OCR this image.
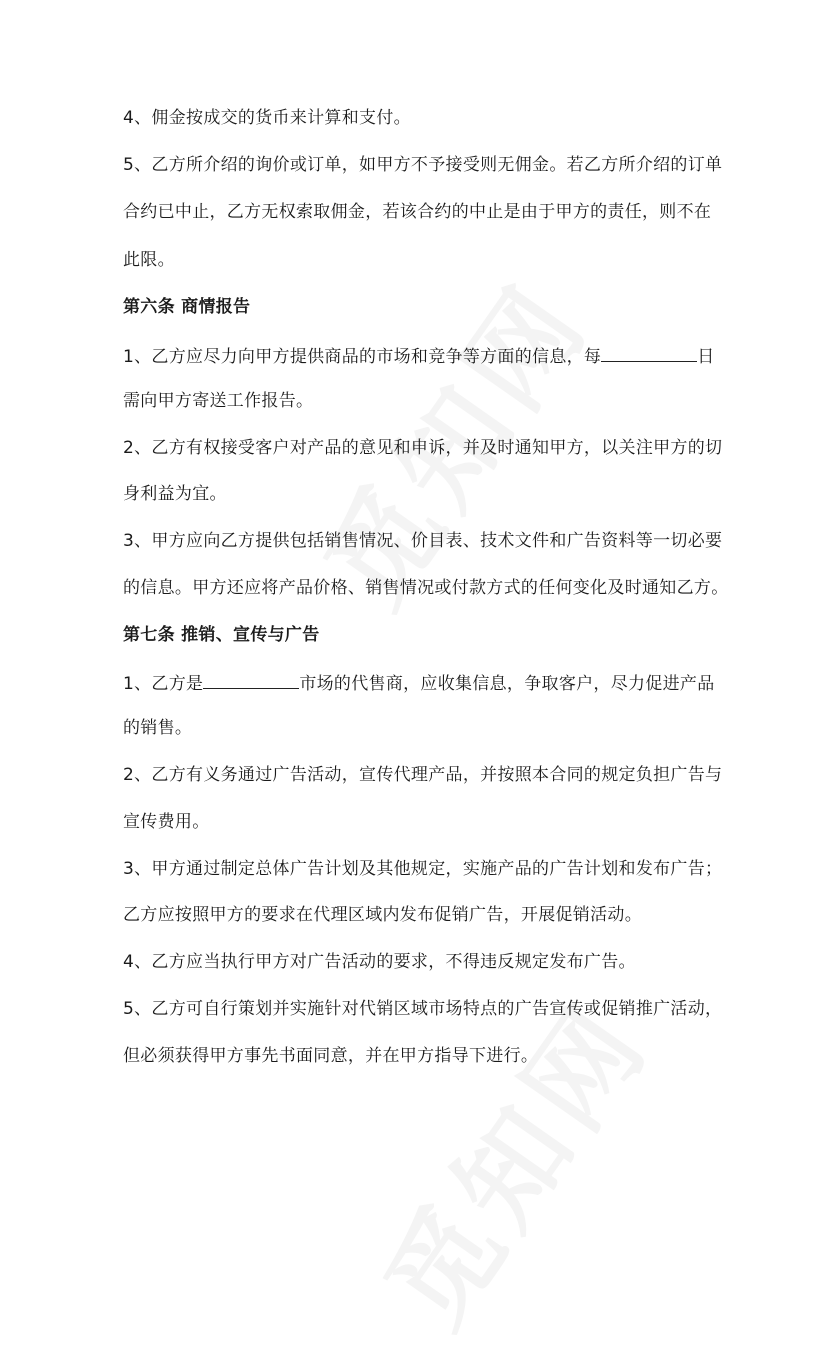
4、佣金按成交的货币来计算和支付。
5、乙方所介绍的询价或订单，如甲方不予接受则无佣金。若乙方所介绍的订单
合约已中止，乙方无权索取佣金，若该合约的中止是由于甲方的责任，则不在
此限。
第六条 商情报告
1、乙方应尽力向甲方提供商品的市场和竞争等方面的信息，每	日
需向甲方寄送工作报告。
2、乙方有权接受客户对产品的意见和申诉，并及时通知甲方，以关注甲方的切
身利益为宜。
3、甲方应向乙方提供包括销售情况、价目表、技术文件和广告资料等一切必要
的信息。甲方还应将产品价格、销售情况或付款方式的任何变化及时通知乙方。
第七条 推销、宣传与广告
1、乙方是	市场的代售商，应收集信息，争取客户，尽力促进产品
的销售。
2、乙方有义务通过广告活动，宣传代理产品，并按照本合同的规定负担广告与
宣传费用。
3、甲方通过制定总体广告计划及其他规定，实施产品的广告计划和发布广告；
乙方应按照甲方的要求在代理区域内发布促销广告，开展促销活动。
4、乙方应当执行甲方对广告活动的要求，不得违反规定发布广告。
5、乙方可自行策划并实施针对代销区域市场特点的广告宣传或促销推广活动，
但必须获得甲方事先书面同意，并在甲方指导下进行。
